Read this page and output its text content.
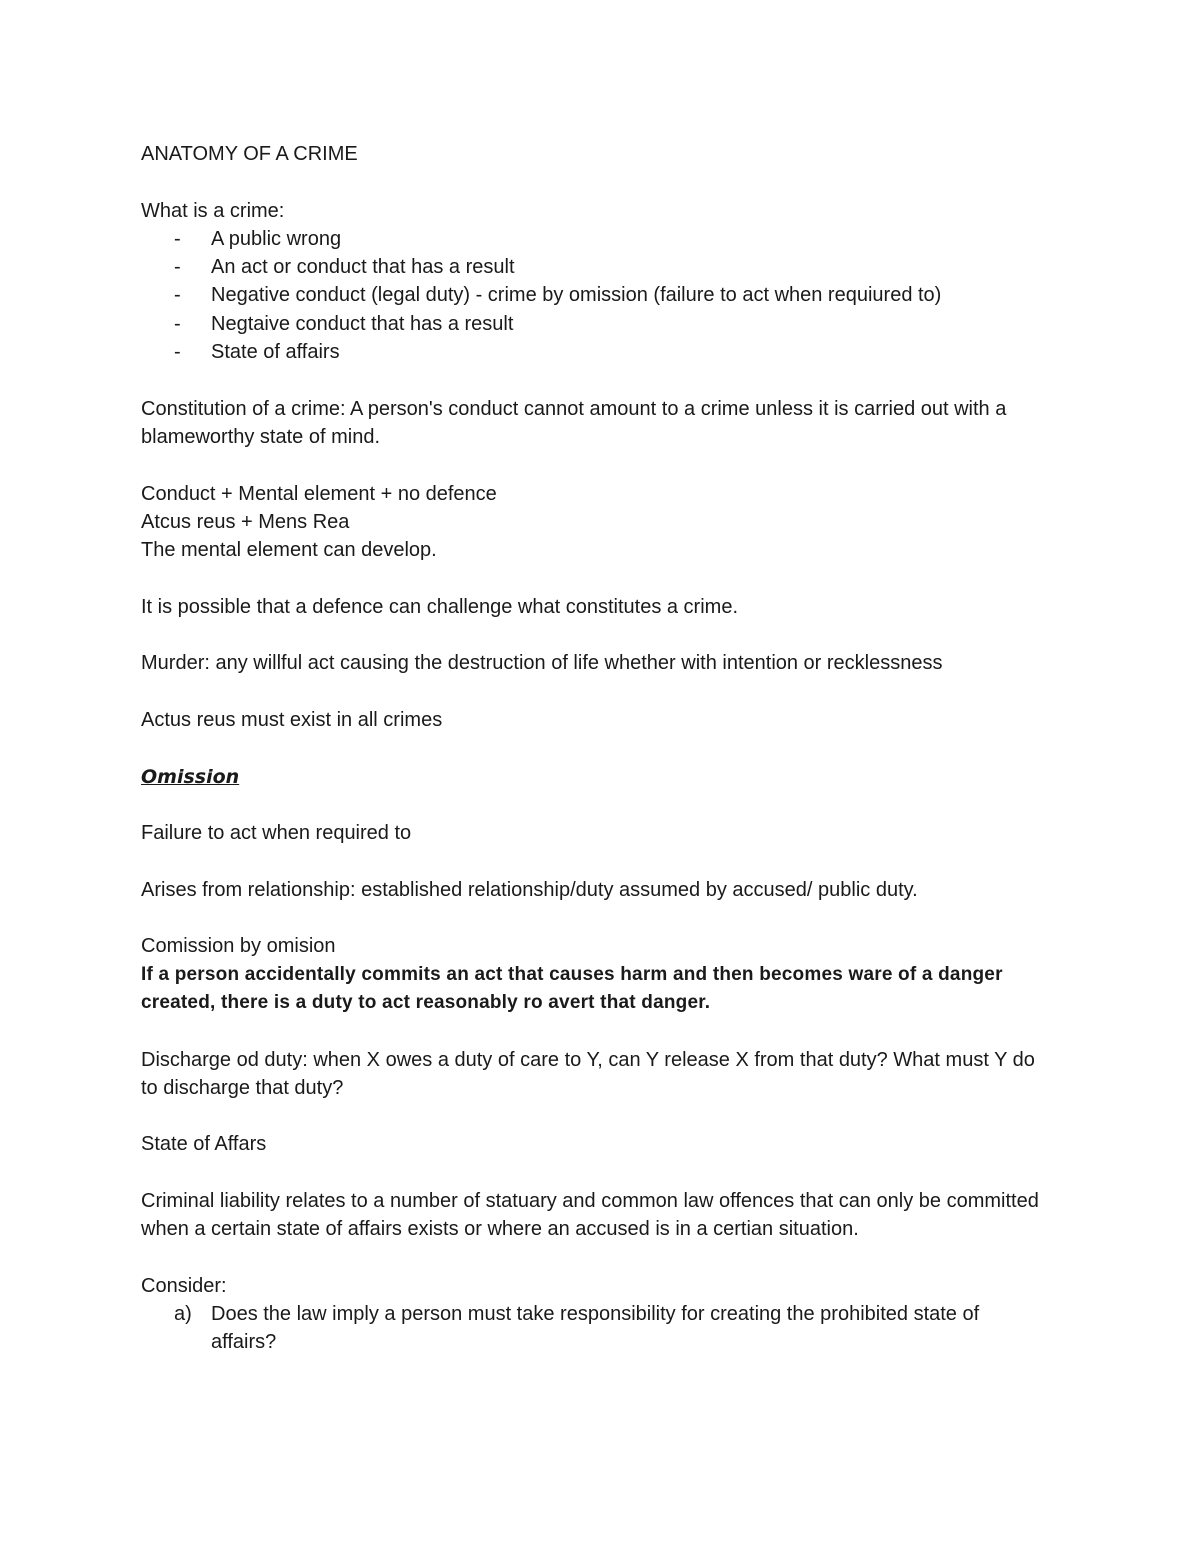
ANATOMY OF A CRIME

What is a crime:

- A public wrong
- An act or conduct that has a result
- Negative conduct (legal duty) - crime by omission (failure to act when requiured to)
- Negtaive conduct that has a result
- State of affairs

Constitution of a crime: A person's conduct cannot amount to a crime unless it is carried out with a blameworthy state of mind.

Conduct + Mental element + no defence

Atcus reus + Mens Rea

The mental element can develop.

It is possible that a defence can challenge what constitutes a crime.

Murder: any willful act causing the destruction of life whether with intention or recklessness

Actus reus must exist in all crimes

Omission

Failure to act when required to

Arises from relationship: established relationship/duty assumed by accused/ public duty.

Comission by omision

If a person accidentally commits an act that causes harm and then becomes ware of a danger created, there is a duty to act reasonably ro avert that danger.

Discharge od duty: when X owes a duty of care to Y, can Y release X from that duty? What must Y do to discharge that duty?

State of Affars

Criminal liability relates to a number of statuary and common law offences that can only be committed when a certain state of affairs exists or where an accused is in a certian situation.

Consider:

a) Does the law imply a person must take responsibility for creating the prohibited state of affairs?
